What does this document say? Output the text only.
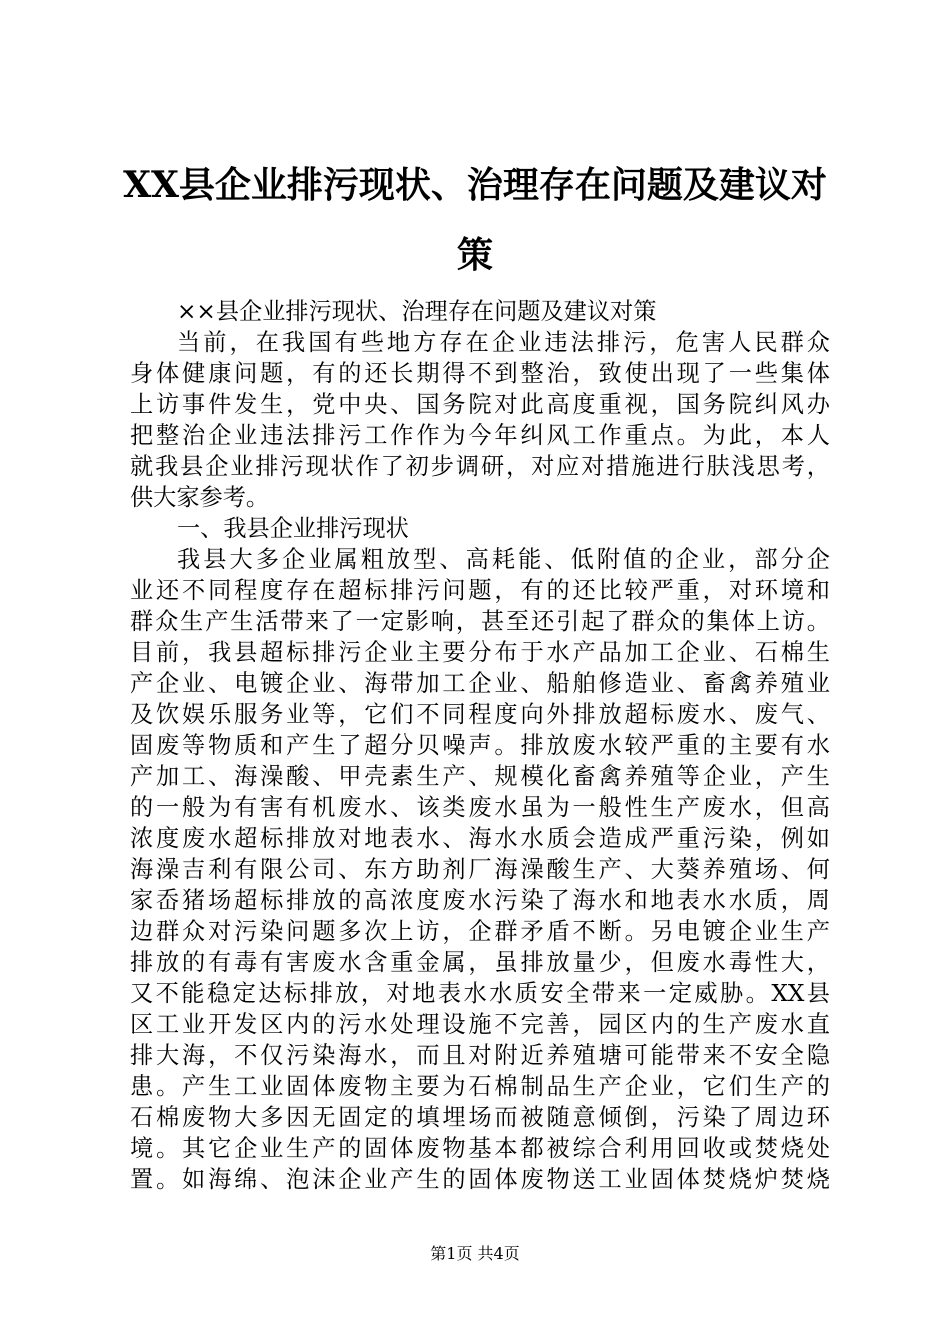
XX县企业排污现状、治理存在问题及建议对
策
××县企业排污现状、治理存在问题及建议对策
当前，在我国有些地方存在企业违法排污，危害人民群众
身体健康问题，有的还长期得不到整治，致使出现了一些集体
上访事件发生，党中央、国务院对此高度重视，国务院纠风办
把整治企业违法排污工作作为今年纠风工作重点。为此，本人
就我县企业排污现状作了初步调研，对应对措施进行肤浅思考，
供大家参考。
一、我县企业排污现状
我县大多企业属粗放型、高耗能、低附值的企业，部分企
业还不同程度存在超标排污问题，有的还比较严重，对环境和
群众生产生活带来了一定影响，甚至还引起了群众的集体上访。
目前，我县超标排污企业主要分布于水产品加工企业、石棉生
产企业、电镀企业、海带加工企业、船舶修造业、畜禽养殖业
及饮娱乐服务业等，它们不同程度向外排放超标废水、废气、
固废等物质和产生了超分贝噪声。排放废水较严重的主要有水
产加工、海澡酸、甲壳素生产、规模化畜禽养殖等企业，产生
的一般为有害有机废水、该类废水虽为一般性生产废水，但高
浓度废水超标排放对地表水、海水水质会造成严重污染，例如
海澡吉利有限公司、东方助剂厂海澡酸生产、大葵养殖场、何
家岙猪场超标排放的高浓度废水污染了海水和地表水水质，周
边群众对污染问题多次上访，企群矛盾不断。另电镀企业生产
排放的有毒有害废水含重金属，虽排放量少，但废水毒性大，
又不能稳定达标排放，对地表水水质安全带来一定威胁。XX县
区工业开发区内的污水处理设施不完善，园区内的生产废水直
排大海，不仅污染海水，而且对附近养殖塘可能带来不安全隐
患。产生工业固体废物主要为石棉制品生产企业，它们生产的
石棉废物大多因无固定的填埋场而被随意倾倒，污染了周边环
境。其它企业生产的固体废物基本都被综合利用回收或焚烧处
置。如海绵、泡沫企业产生的固体废物送工业固体焚烧炉焚烧
第1页 共4页
